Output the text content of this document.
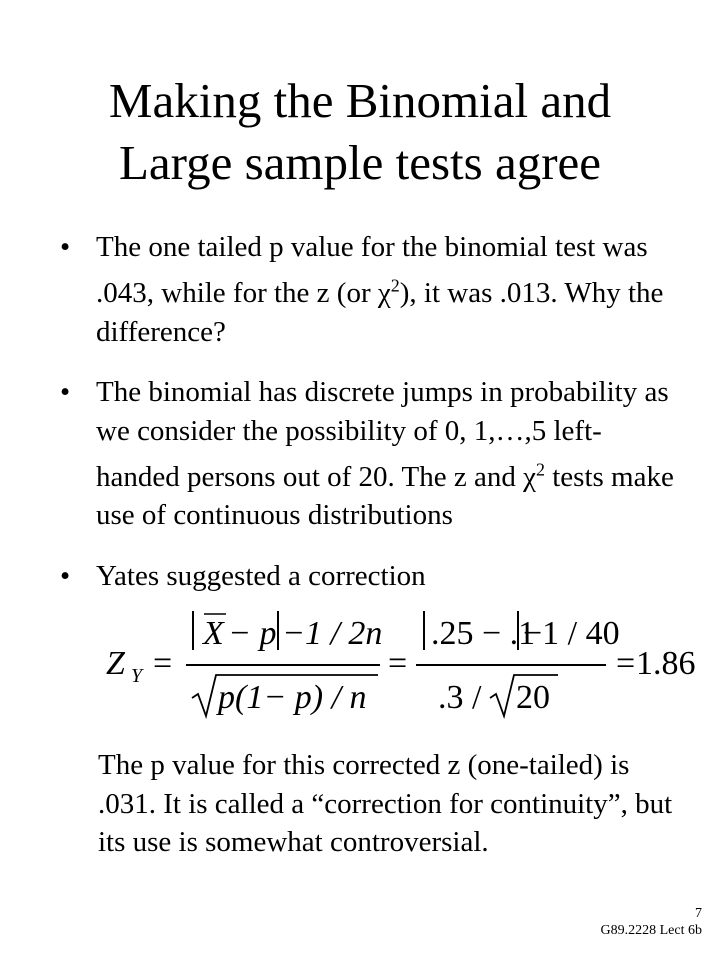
Making the Binomial and
Large sample tests agree
• The one tailed p value for the binomial test was .043, while for the z (or $\chi^2$), it was .013. Why the difference?
• The binomial has discrete jumps in probability as we consider the possibility of 0, 1,…,5 left-handed persons out of 20. The z and $\chi^2$ tests make use of continuous distributions
• Yates suggested a correction
Z Y =
X − p −1 / 2n
p(1− p) / n
=
.25 − .1
−1 / 40
.3 / 20
= 1.86
The p value for this corrected z (one-tailed) is .031. It is called a “correction for continuity”, but its use is somewhat controversial.
7
G89.2228 Lect 6b
